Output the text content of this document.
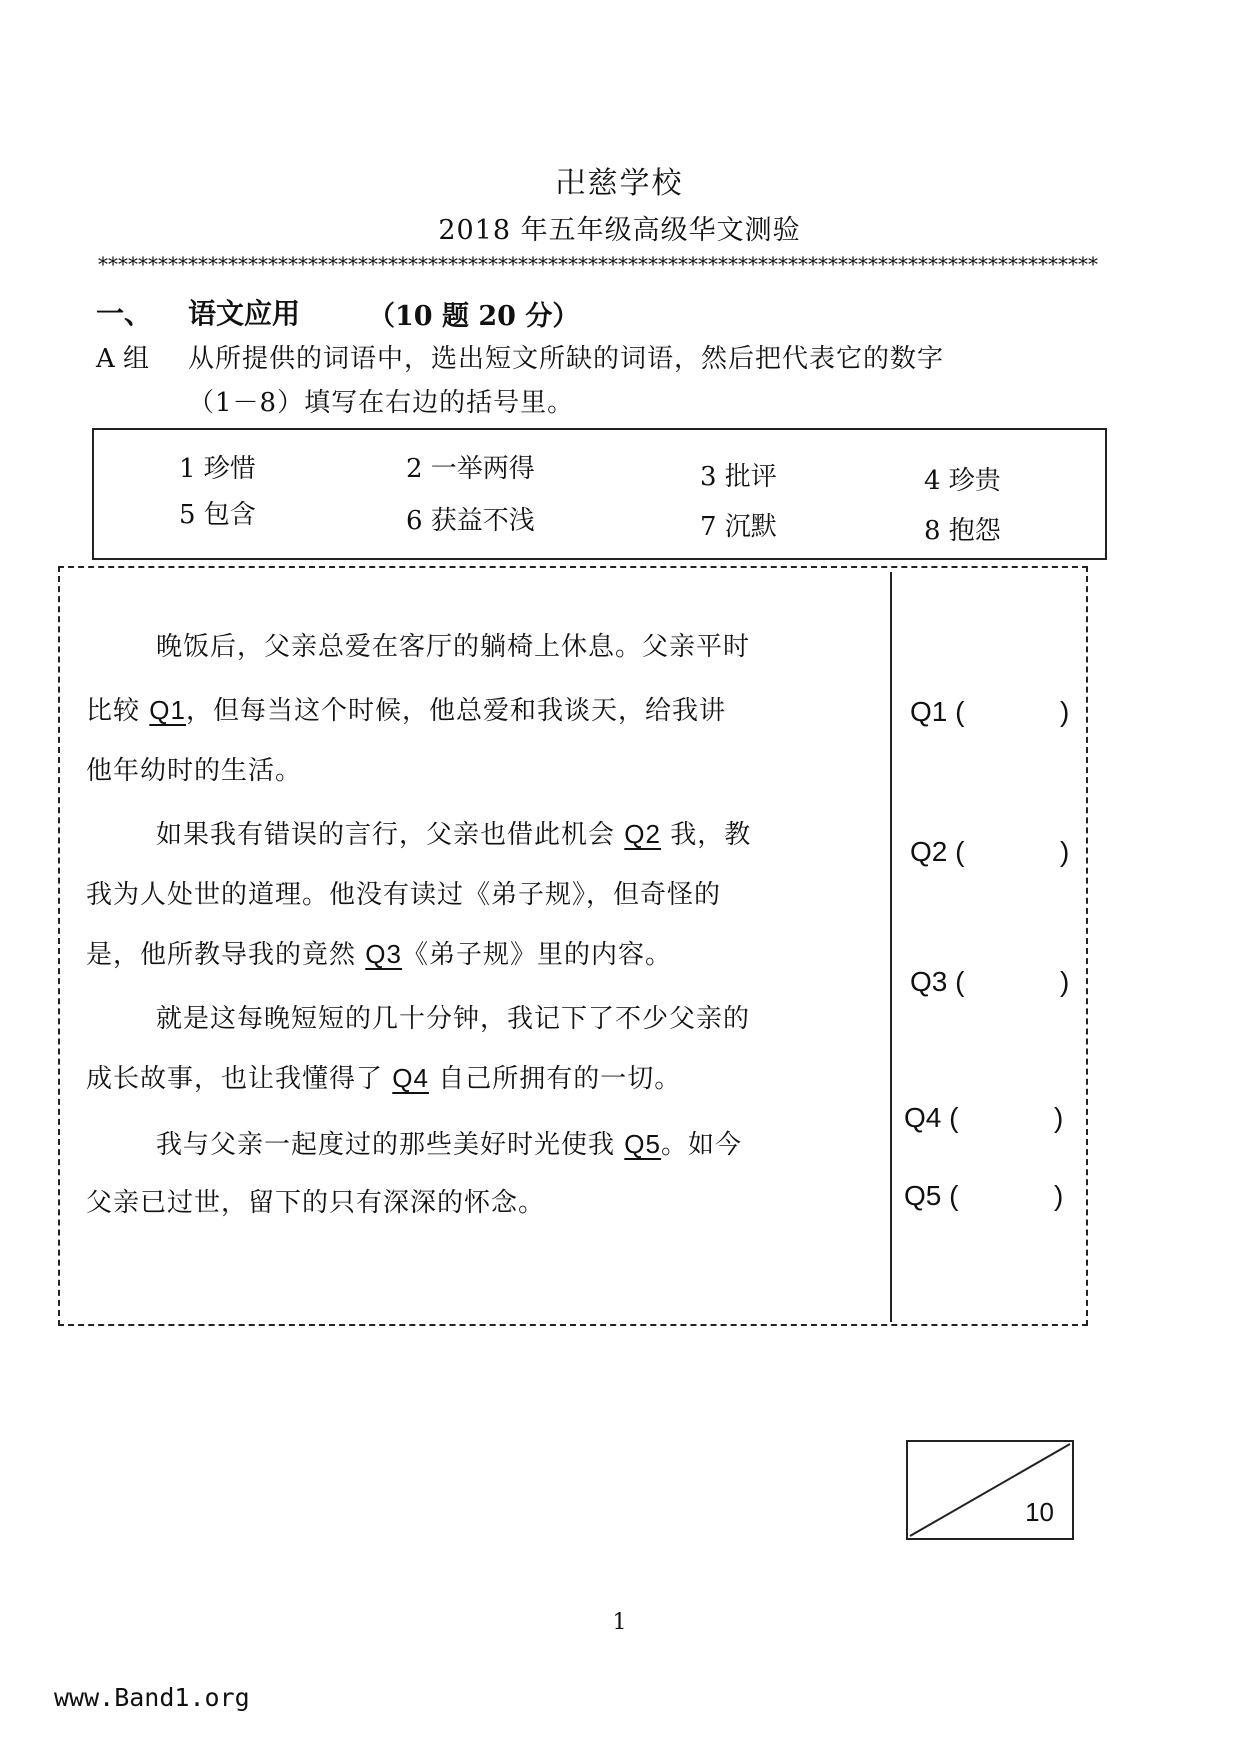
卍慈学校
2018 年五年级高级华文测验
****************************************************************************************************
一、 语文应用	（10 题 20 分）
A 组 从所提供的词语中，选出短文所缺的词语，然后把代表它的数字
（1－8）填写在右边的括号里。
1 珍惜	2 一举两得	3 批评	4 珍贵
5 包含	6 获益不浅	7 沉默	8 抱怨
晚饭后，父亲总爱在客厅的躺椅上休息。父亲平时
比较 Q1，但每当这个时候，他总爱和我谈天，给我讲
他年幼时的生活。
如果我有错误的言行，父亲也借此机会 Q2 我，教
我为人处世的道理。他没有读过《弟子规》，但奇怪的
是，他所教导我的竟然 Q3《弟子规》里的内容。
就是这每晚短短的几十分钟，我记下了不少父亲的
成长故事，也让我懂得了 Q4 自己所拥有的一切。
我与父亲一起度过的那些美好时光使我 Q5。如今
父亲已过世，留下的只有深深的怀念。
Q1 (	)
Q2 (	)
Q3 (	)
Q4 (	)
Q5 (	)
10
1
www.Band1.org
